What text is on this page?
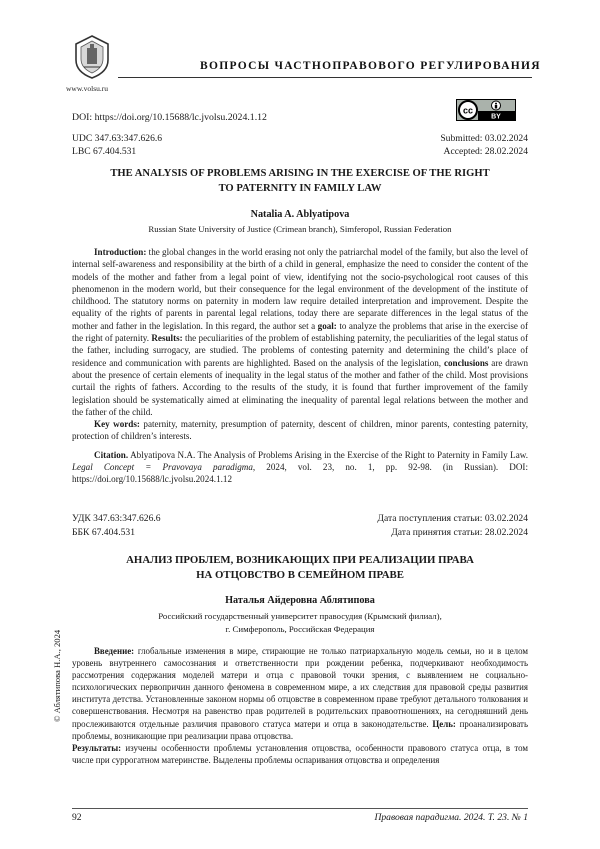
www.volsu.ru
ВОПРОСЫ ЧАСТНОПРАВОВОГО РЕГУЛИРОВАНИЯ
DOI: https://doi.org/10.15688/lc.jvolsu.2024.1.12
cc
BY
UDC 347.63:347.626.6
LBC 67.404.531
Submitted: 03.02.2024
Accepted: 28.02.2024
THE ANALYSIS OF PROBLEMS ARISING IN THE EXERCISE OF THE RIGHT
TO PATERNITY IN FAMILY LAW
Natalia A. Ablyatipova
Russian State University of Justice (Crimean branch), Simferopol, Russian Federation

Introduction: the global changes in the world erasing not only the patriarchal model of the family, but also the level of internal self-awareness and responsibility at the birth of a child in general, emphasize the need to consider the content of the models of the mother and father from a legal point of view, identifying not the socio-psychological root causes of this phenomenon in the modern world, but their consequence for the legal environment of the development of the institute of childhood. The statutory norms on paternity in modern law require detailed interpretation and improvement. Despite the equality of the rights of parents in parental legal relations, today there are separate differences in the legal status of the mother and father in the legislation. In this regard, the author set a goal: to analyze the problems that arise in the exercise of the right of paternity. Results: the peculiarities of the problem of establishing paternity, the peculiarities of the legal status of the father, including surrogacy, are studied. The problems of contesting paternity and determining the child’s place of residence and communication with parents are highlighted. Based on the analysis of the legislation, conclusions are drawn about the presence of certain elements of inequality in the legal status of the mother and father of the child. Most provisions curtail the rights of fathers. According to the results of the study, it is found that further improvement of the family legislation should be systematically aimed at eliminating the inequality of parental legal relations between the mother and the father of the child.

Key words: paternity, maternity, presumption of paternity, descent of children, minor parents, contesting paternity, protection of children’s interests.

Citation. Ablyatipova N.A. The Analysis of Problems Arising in the Exercise of the Right to Paternity in Family Law. Legal Concept = Pravovaya paradigma, 2024, vol. 23, no. 1, pp. 92-98. (in Russian). DOI: https://doi.org/10.15688/lc.jvolsu.2024.1.12

УДК 347.63:347.626.6
ББК 67.404.531
Дата поступления статьи: 03.02.2024
Дата принятия статьи: 28.02.2024
АНАЛИЗ ПРОБЛЕМ, ВОЗНИКАЮЩИХ ПРИ РЕАЛИЗАЦИИ ПРАВА
НА ОТЦОВСТВО В СЕМЕЙНОМ ПРАВЕ
Наталья Айдеровна Аблятипова
Российский государственный университет правосудия (Крымский филиал),
г. Симферополь, Российская Федерация

Введение: глобальные изменения в мире, стирающие не только патриархальную модель семьи, но и в целом уровень внутреннего самосознания и ответственности при рождении ребенка, подчеркивают необходимость рассмотрения содержания моделей матери и отца с правовой точки зрения, с выявлением не социально-психологических первопричин данного феномена в современном мире, а их следствия для правовой среды развития института детства. Установленные законом нормы об отцовстве в современном праве требуют детального толкования и совершенствования. Несмотря на равенство прав родителей в родительских правоотношениях, на сегодняшний день прослеживаются отдельные различия правового статуса матери и отца в законодательстве. Цель: проанализировать проблемы, возникающие при реализации права отцовства.

Результаты: изучены особенности проблемы установления отцовства, особенности правового статуса отца, в том числе при суррогатном материнстве. Выделены проблемы оспаривания отцовства и определения

© Аблятипова Н.А., 2024
92	Правовая парадигма. 2024. Т. 23. № 1
